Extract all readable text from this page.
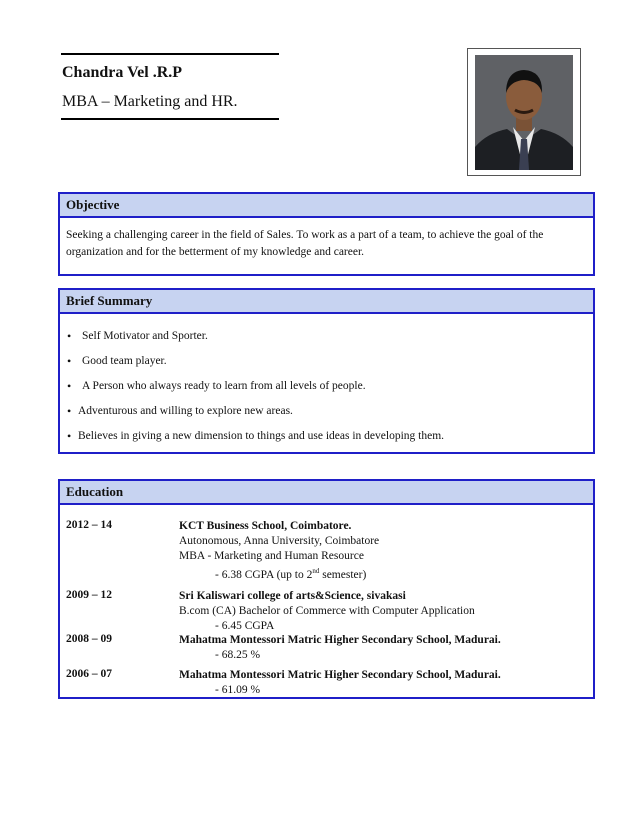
Chandra Vel .R.P
MBA – Marketing and HR.
Objective
Seeking a challenging career in the field of Sales. To work as a part of a team, to achieve the goal of the organization and for the betterment of my knowledge and career.
Brief Summary
• Self Motivator and Sporter.
• Good team player.
• A Person who always ready to learn from all levels of people.
• Adventurous and willing to explore new areas.
• Believes in giving a new dimension to things and use ideas in developing them.
Education
2012 – 14	KCT Business School, Coimbatore.
Autonomous, Anna University, Coimbatore
MBA - Marketing and Human Resource
- 6.38 CGPA (up to 2nd semester)
2009 – 12	Sri Kaliswari college of arts&Science, sivakasi
B.com (CA) Bachelor of Commerce with Computer Application
- 6.45 CGPA
2008 – 09	Mahatma Montessori Matric Higher Secondary School, Madurai.
- 68.25 %
2006 – 07	Mahatma Montessori Matric Higher Secondary School, Madurai.
- 61.09 %
